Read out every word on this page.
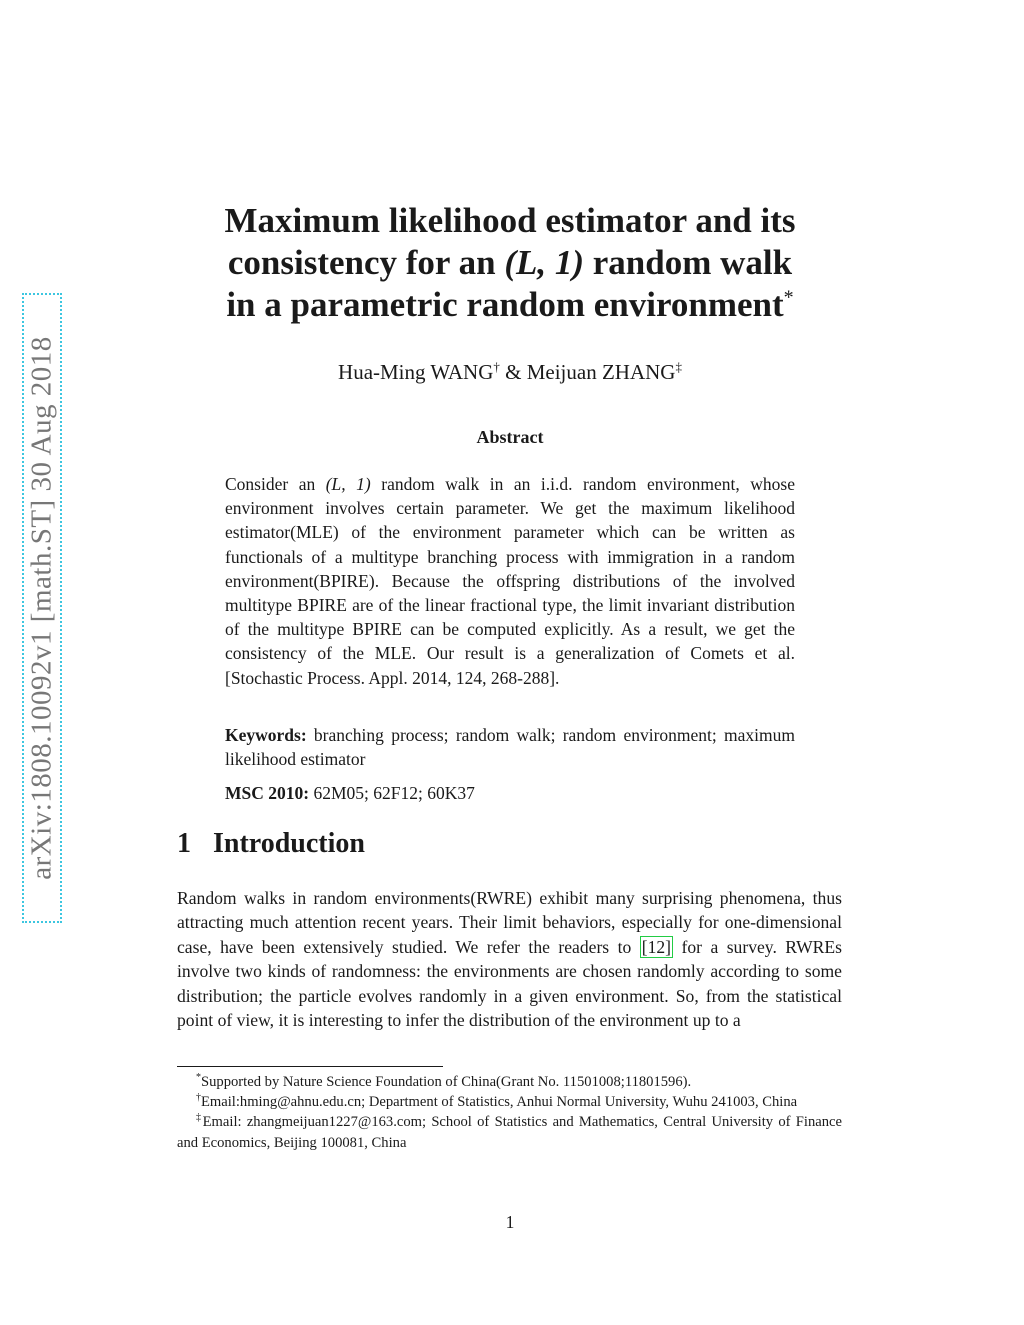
arXiv:1808.10092v1 [math.ST] 30 Aug 2018
Maximum likelihood estimator and its
consistency for an (L, 1) random walk
in a parametric random environment*
Hua-Ming WANG† & Meijuan ZHANG‡
Abstract

Consider an (L, 1) random walk in an i.i.d. random environment, whose environment involves certain parameter. We get the maximum likelihood estimator(MLE) of the environment parameter which can be written as functionals of a multitype branching process with immigration in a random environment(BPIRE). Because the offspring distributions of the involved multitype BPIRE are of the linear fractional type, the limit invariant distribution of the multitype BPIRE can be computed explicitly. As a result, we get the consistency of the MLE. Our result is a generalization of Comets et al. [Stochastic Process. Appl. 2014, 124, 268-288].

Keywords: branching process; random walk; random environment; maximum likelihood estimator

MSC 2010: 62M05; 62F12; 60K37

1 Introduction

Random walks in random environments(RWRE) exhibit many surprising phenomena, thus attracting much attention recent years. Their limit behaviors, especially for one-dimensional case, have been extensively studied. We refer the readers to [12] for a survey. RWREs involve two kinds of randomness: the environments are chosen randomly according to some distribution; the particle evolves randomly in a given environment. So, from the statistical point of view, it is interesting to infer the distribution of the environment up to a

*Supported by Nature Science Foundation of China(Grant No. 11501008;11801596).

†Email:hming@ahnu.edu.cn; Department of Statistics, Anhui Normal University, Wuhu 241003, China

‡Email: zhangmeijuan1227@163.com; School of Statistics and Mathematics, Central University of Finance and Economics, Beijing 100081, China

1
